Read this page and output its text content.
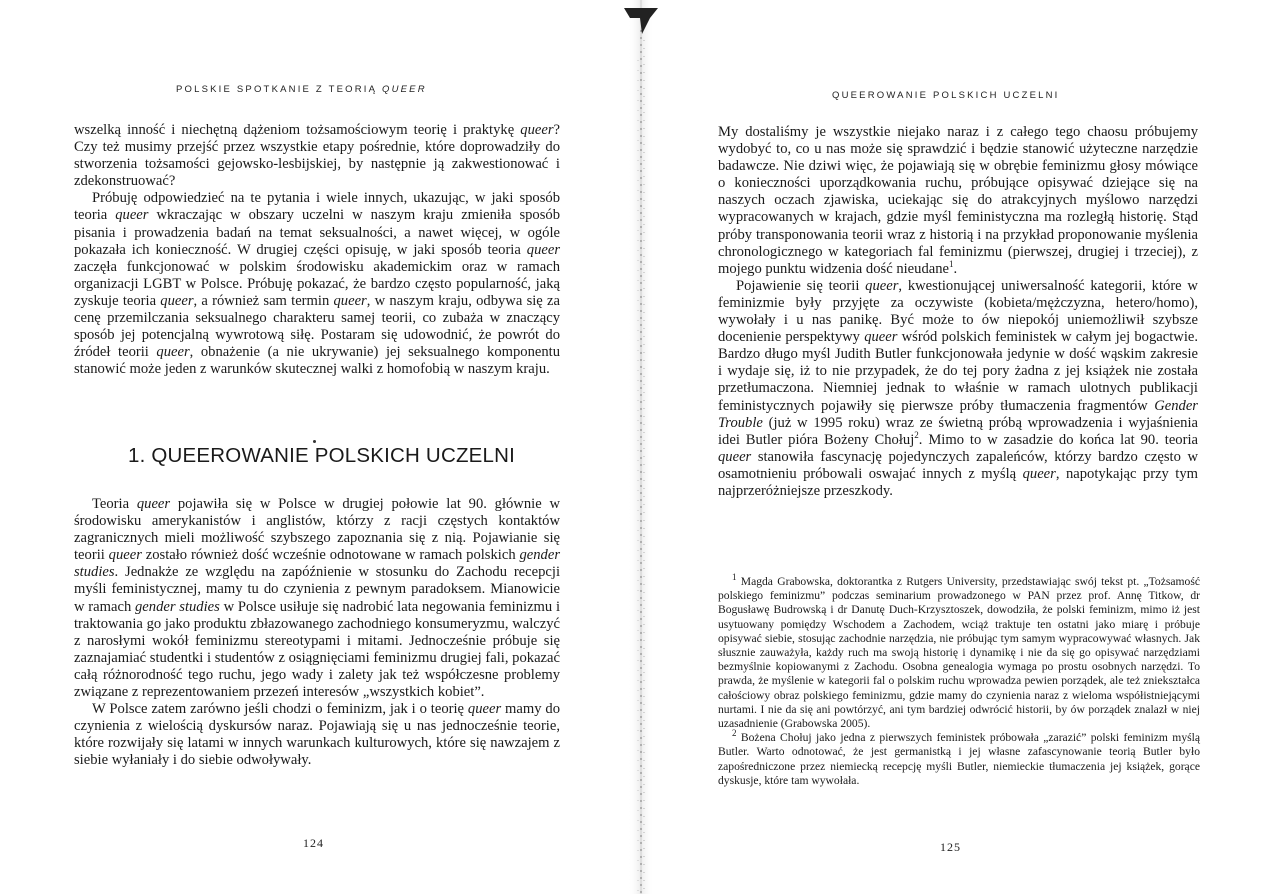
POLSKIE SPOTKANIE Z TEORIĄ QUEER

wszelką inność i niechętną dążeniom tożsamościowym teorię i praktykę queer? Czy też musimy przejść przez wszystkie etapy pośrednie, które doprowadziły do stworzenia tożsamości gejowsko-lesbijskiej, by następnie ją zakwestionować i zdekonstruować?

Próbuję odpowiedzieć na te pytania i wiele innych, ukazując, w jaki sposób teoria queer wkraczając w obszary uczelni w naszym kraju zmieniła sposób pisania i prowadzenia badań na temat seksualności, a nawet więcej, w ogóle pokazała ich konieczność. W drugiej części opisuję, w jaki sposób teoria queer zaczęła funkcjonować w polskim środowisku akademickim oraz w ramach organizacji LGBT w Polsce. Próbuję pokazać, że bardzo często popularność, jaką zyskuje teoria queer, a również sam termin queer, w naszym kraju, odbywa się za cenę przemilczania seksualnego charakteru samej teorii, co zubaża w znaczący sposób jej potencjalną wywrotową siłę. Postaram się udowodnić, że powrót do źródeł teorii queer, obnażenie (a nie ukrywanie) jej seksualnego komponentu stanowić może jeden z warunków skutecznej walki z homofobią w naszym kraju.

1. QUEEROWANIE POLSKICH UCZELNI

Teoria queer pojawiła się w Polsce w drugiej połowie lat 90. głównie w środowisku amerykanistów i anglistów, którzy z racji częstych kontaktów zagranicznych mieli możliwość szybszego zapoznania się z nią. Pojawianie się teorii queer zostało również dość wcześnie odnotowane w ramach polskich gender studies. Jednakże ze względu na zapóźnienie w stosunku do Zachodu recepcji myśli feministycznej, mamy tu do czynienia z pewnym paradoksem. Mianowicie w ramach gender studies w Polsce usiłuje się nadrobić lata negowania feminizmu i traktowania go jako produktu zbłazowanego zachodniego konsumeryzmu, walczyć z narosłymi wokół feminizmu stereotypami i mitami. Jednocześnie próbuje się zaznajamiać studentki i studentów z osiągnięciami feminizmu drugiej fali, pokazać całą różnorodność tego ruchu, jego wady i zalety jak też współczesne problemy związane z reprezentowaniem przezeń interesów „wszystkich kobiet”.

W Polsce zatem zarówno jeśli chodzi o feminizm, jak i o teorię queer mamy do czynienia z wielością dyskursów naraz. Pojawiają się u nas jednocześnie teorie, które rozwijały się latami w innych warunkach kulturowych, które się nawzajem z siebie wyłaniały i do siebie odwoływały.

124
QUEEROWANIE POLSKICH UCZELNI

My dostaliśmy je wszystkie niejako naraz i z całego tego chaosu próbujemy wydobyć to, co u nas może się sprawdzić i będzie stanowić użyteczne narzędzie badawcze. Nie dziwi więc, że pojawiają się w obrębie feminizmu głosy mówiące o konieczności uporządkowania ruchu, próbujące opisywać dziejące się na naszych oczach zjawiska, uciekając się do atrakcyjnych myślowo narzędzi wypracowanych w krajach, gdzie myśl feministyczna ma rozległą historię. Stąd próby transponowania teorii wraz z historią i na przykład proponowanie myślenia chronologicznego w kategoriach fal feminizmu (pierwszej, drugiej i trzeciej), z mojego punktu widzenia dość nieudane$^1$.

Pojawienie się teorii queer, kwestionującej uniwersalność kategorii, które w feminizmie były przyjęte za oczywiste (kobieta/mężczyzna, hetero/homo), wywołały i u nas panikę. Być może to ów niepokój uniemożliwił szybsze docenienie perspektywy queer wśród polskich feministek w całym jej bogactwie. Bardzo długo myśl Judith Butler funkcjonowała jedynie w dość wąskim zakresie i wydaje się, iż to nie przypadek, że do tej pory żadna z jej książek nie została przetłumaczona. Niemniej jednak to właśnie w ramach ulotnych publikacji feministycznych pojawiły się pierwsze próby tłumaczenia fragmentów Gender Trouble (już w 1995 roku) wraz ze świetną próbą wprowadzenia i wyjaśnienia idei Butler pióra Bożeny Chołuj$^2$. Mimo to w zasadzie do końca lat 90. teoria queer stanowiła fascynację pojedynczych zapaleńców, którzy bardzo często w osamotnieniu próbowali oswajać innych z myślą queer, napotykając przy tym najprzeróżniejsze przeszkody.

$^1$ Magda Grabowska, doktorantka z Rutgers University, przedstawiając swój tekst pt. „Tożsamość polskiego feminizmu” podczas seminarium prowadzonego w PAN przez prof. Annę Titkow, dr Bogusławę Budrowską i dr Danutę Duch-Krzysztoszek, dowodziła, że polski feminizm, mimo iż jest usytuowany pomiędzy Wschodem a Zachodem, wciąż traktuje ten ostatni jako miarę i próbuje opisywać siebie, stosując zachodnie narzędzia, nie próbując tym samym wypracowywać własnych. Jak słusznie zauważyła, każdy ruch ma swoją historię i dynamikę i nie da się go opisywać narzędziami bezmyślnie kopiowanymi z Zachodu. Osobna genealogia wymaga po prostu osobnych narzędzi. To prawda, że myślenie w kategorii fal o polskim ruchu wprowadza pewien porządek, ale też zniekształca całościowy obraz polskiego feminizmu, gdzie mamy do czynienia naraz z wieloma współistniejącymi nurtami. I nie da się ani powtórzyć, ani tym bardziej odwrócić historii, by ów porządek znalazł w niej uzasadnienie (Grabowska 2005).

$^2$ Bożena Chołuj jako jedna z pierwszych feministek próbowała „zarazić” polski feminizm myślą Butler. Warto odnotować, że jest germanistką i jej własne zafascynowanie teorią Butler było zapośredniczone przez niemiecką recepcję myśli Butler, niemieckie tłumaczenia jej książek, gorące dyskusje, które tam wywołała.

125
